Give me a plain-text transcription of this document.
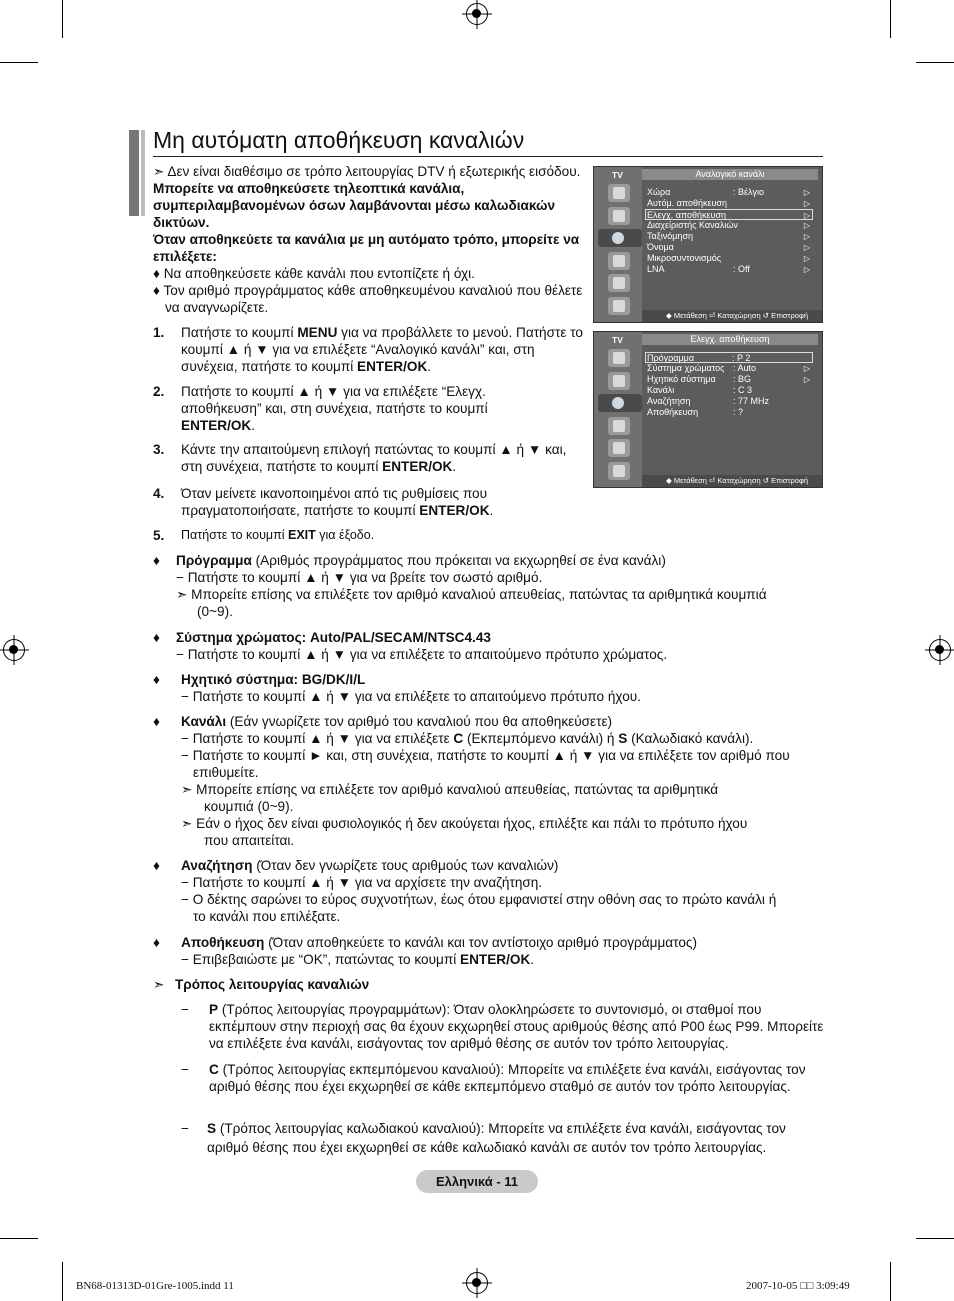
Μη αυτόματη αποθήκευση καναλιών
➣ Δεν είναι διαθέσιμο σε τρόπο λειτουργίας DTV ή εξωτερικής εισόδου.
Μπορείτε να αποθηκεύσετε τηλεοπτικά κανάλια, συμπεριλαμβανομένων όσων λαμβάνονται μέσω καλωδιακών δικτύων.
Όταν αποθηκεύετε τα κανάλια με μη αυτόματο τρόπο, μπορείτε να επιλέξετε:
♦ Να αποθηκεύσετε κάθε κανάλι που εντοπίζετε ή όχι.
♦ Τον αριθμό προγράμματος κάθε αποθηκευμένου καναλιού που θέλετε να αναγνωρίζετε.
1. Πατήστε το κουμπί MENU για να προβάλλετε το μενού. Πατήστε το κουμπί ▲ ή ▼ για να επιλέξετε “Αναλογικό κανάλι” και, στη συνέχεια, πατήστε το κουμπί ENTER/OK.
2. Πατήστε το κουμπί ▲ ή ▼ για να επιλέξετε “Ελεγχ. αποθήκευση” και, στη συνέχεια, πατήστε το κουμπί ENTER/OK.
3. Κάντε την απαιτούμενη επιλογή πατώντας το κουμπί ▲ ή ▼ και, στη συνέχεια, πατήστε το κουμπί ENTER/OK.
4. Όταν μείνετε ικανοποιημένοι από τις ρυθμίσεις που πραγματοποιήσατε, πατήστε το κουμπί ENTER/OK.
5. Πατήστε το κουμπί EXIT για έξοδο.
TV	Αναλογικό κανάλι
Χώρα	: Βέλγιο	▷
Αυτόμ. αποθήκευση	▷
Ελεγχ. αποθήκευση	▷
Διαχείριστής Καναλιών	▷
Ταξινόμηση	▷
Όνομα	▷
Μικροσυντονισμός	▷
LNA	: Off	▷
◆ Μετάθεση ⏎ Καταχώρηση ↺ Επιστροφή
TV	Ελεγχ. αποθήκευση
Πρόγραμμα	: P 2
Σύστημα χρώματος : Auto	▷
Ηχητικό σύστημα : BG	▷
Κανάλι	: C 3
Αναζήτηση	: 77 MHz
Αποθήκευση	: ?
◆ Μετάθεση ⏎ Καταχώρηση ↺ Επιστροφή
♦ Πρόγραμμα (Αριθμός προγράμματος που πρόκειται να εκχωρηθεί σε ένα κανάλι)
− Πατήστε το κουμπί ▲ ή ▼ για να βρείτε τον σωστό αριθμό.
➣ Μπορείτε επίσης να επιλέξετε τον αριθμό καναλιού απευθείας, πατώντας τα αριθμητικά κουμπιά
(0~9).
♦ Σύστημα χρώματος: Auto/PAL/SECAM/NTSC4.43
− Πατήστε το κουμπί ▲ ή ▼ για να επιλέξετε το απαιτούμενο πρότυπο χρώματος.
♦ Ηχητικό σύστημα: BG/DK/I/L
− Πατήστε το κουμπί ▲ ή ▼ για να επιλέξετε το απαιτούμενο πρότυπο ήχου.
♦ Κανάλι (Εάν γνωρίζετε τον αριθμό του καναλιού που θα αποθηκεύσετε)
− Πατήστε το κουμπί ▲ ή ▼ για να επιλέξετε C (Εκπεμπόμενο κανάλι) ή S (Καλωδιακό κανάλι).
− Πατήστε το κουμπί ► και, στη συνέχεια, πατήστε το κουμπί ▲ ή ▼ για να επιλέξετε τον αριθμό που
επιθυμείτε.
➣ Μπορείτε επίσης να επιλέξετε τον αριθμό καναλιού απευθείας, πατώντας τα αριθμητικά
κουμπιά (0~9).
➣ Εάν ο ήχος δεν είναι φυσιολογικός ή δεν ακούγεται ήχος, επιλέξτε και πάλι το πρότυπο ήχου
που απαιτείται.
♦ Αναζήτηση (Όταν δεν γνωρίζετε τους αριθμούς των καναλιών)
− Πατήστε το κουμπί ▲ ή ▼ για να αρχίσετε την αναζήτηση.
− Ο δέκτης σαρώνει το εύρος συχνοτήτων, έως ότου εμφανιστεί στην οθόνη σας το πρώτο κανάλι ή
το κανάλι που επιλέξατε.
♦ Αποθήκευση (Όταν αποθηκεύετε το κανάλι και τον αντίστοιχο αριθμό προγράμματος)
− Επιβεβαιώστε με “OK”, πατώντας το κουμπί ENTER/OK.
➣ Τρόπος λειτουργίας καναλιών
− P (Τρόπος λειτουργίας προγραμμάτων): Όταν ολοκληρώσετε το συντονισμό, οι σταθμοί που εκπέμπουν στην περιοχή σας θα έχουν εκχωρηθεί στους αριθμούς θέσης από P00 έως P99. Μπορείτε να επιλέξετε ένα κανάλι, εισάγοντας τον αριθμό θέσης σε αυτόν τον τρόπο λειτουργίας.
− C (Τρόπος λειτουργίας εκπεμπόμενου καναλιού): Μπορείτε να επιλέξετε ένα κανάλι, εισάγοντας τον αριθμό θέσης που έχει εκχωρηθεί σε κάθε εκπεμπόμενο σταθμό σε αυτόν τον τρόπο λειτουργίας.
− S (Τρόπος λειτουργίας καλωδιακού καναλιού): Μπορείτε να επιλέξετε ένα κανάλι, εισάγοντας τον
αριθμό θέσης που έχει εκχωρηθεί σε κάθε καλωδιακό κανάλι σε αυτόν τον τρόπο λειτουργίας.
Ελληνικά - 11
BN68-01313D-01Gre-1005.indd 11	2007-10-05 □□ 3:09:49
